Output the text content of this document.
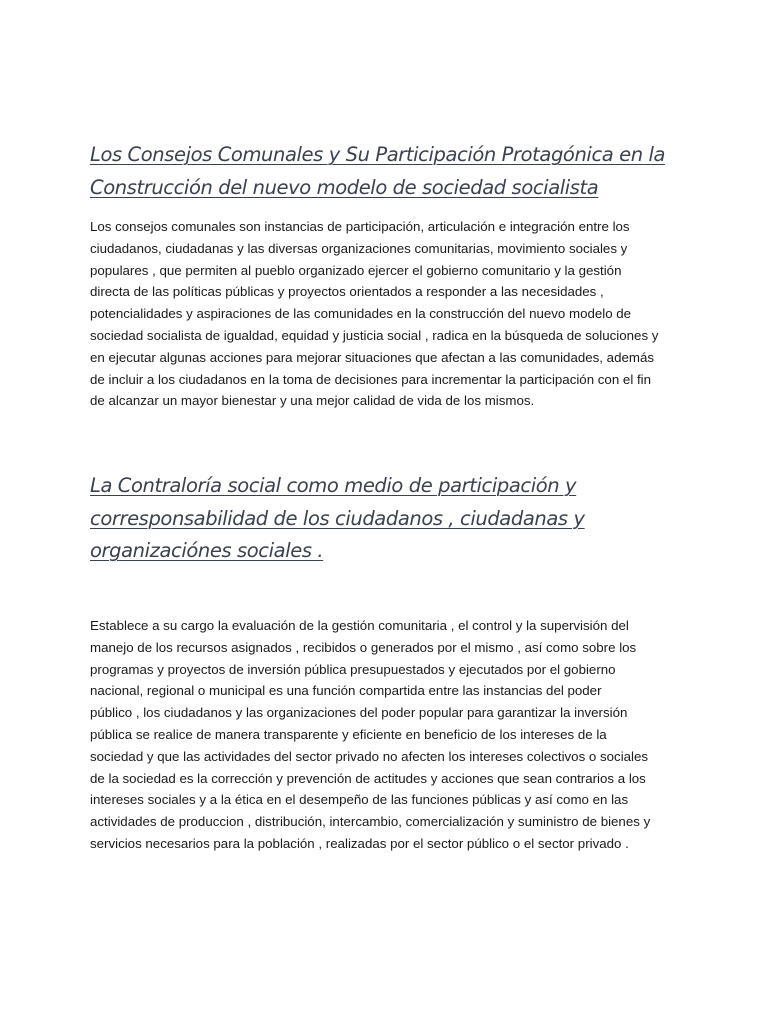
Los Consejos Comunales y Su Participación Protagónica en la
Construcción del nuevo modelo de sociedad socialista

Los consejos comunales son instancias de participación, articulación e integración entre los
ciudadanos, ciudadanas y las diversas organizaciones comunitarias, movimiento sociales y
populares , que permiten al pueblo organizado ejercer el gobierno comunitario y la gestión
directa de las políticas públicas y proyectos orientados a responder a las necesidades ,
potencialidades y aspiraciones de las comunidades en la construcción del nuevo modelo de
sociedad socialista de igualdad, equidad y justicia social , radica en la búsqueda de soluciones y
en ejecutar algunas acciones para mejorar situaciones que afectan a las comunidades, además
de incluir a los ciudadanos en la toma de decisiones para incrementar la participación con el fin
de alcanzar un mayor bienestar y una mejor calidad de vida de los mismos.

La Contraloría social como medio de participación y
corresponsabilidad de los ciudadanos , ciudadanas y
organizaciónes sociales .

Establece a su cargo la evaluación de la gestión comunitaria , el control y la supervisión del
manejo de los recursos asignados , recibidos o generados por el mismo , así como sobre los
programas y proyectos de inversión pública presupuestados y ejecutados por el gobierno
nacional, regional o municipal es una función compartida entre las instancias del poder
público , los ciudadanos y las organizaciones del poder popular para garantizar la inversión
pública se realice de manera transparente y eficiente en beneficio de los intereses de la
sociedad y que las actividades del sector privado no afecten los intereses colectivos o sociales
de la sociedad es la corrección y prevención de actitudes y acciones que sean contrarios a los
intereses sociales y a la ética en el desempeño de las funciones públicas y así como en las
actividades de produccion , distribución, intercambio, comercialización y suministro de bienes y
servicios necesarios para la población , realizadas por el sector público o el sector privado .
